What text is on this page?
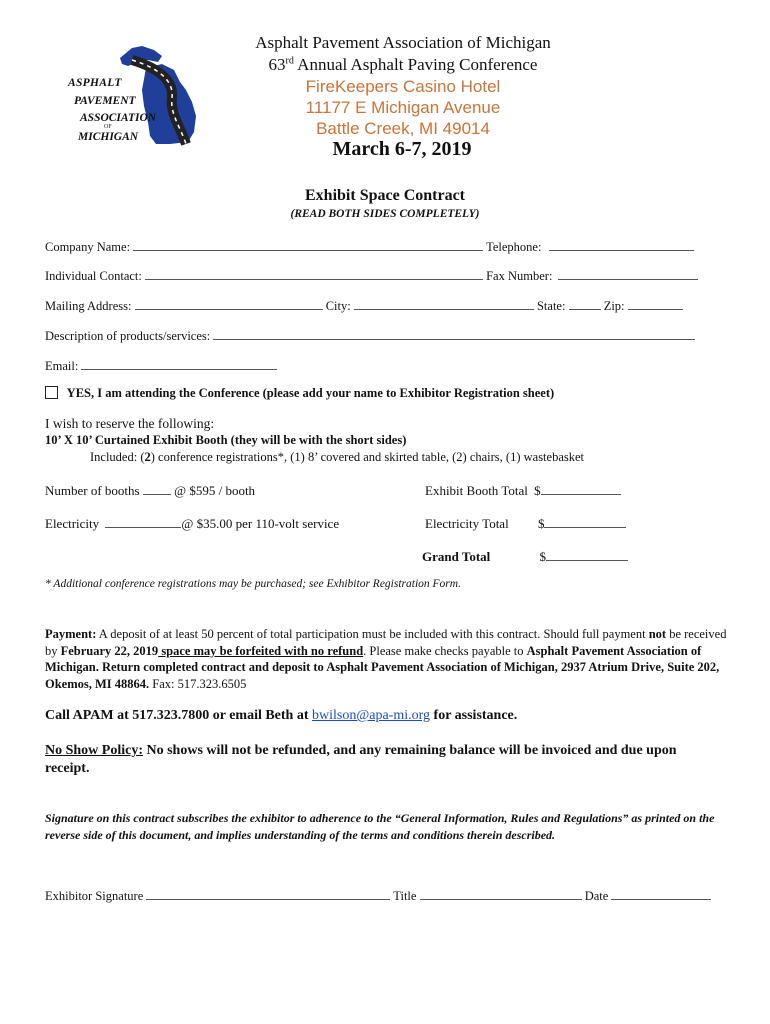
ASPHALT
PAVEMENT
ASSOCIATION
OF
MICHIGAN
Asphalt Pavement Association of Michigan
63rd Annual Asphalt Paving Conference
FireKeepers Casino Hotel
11177 E Michigan Avenue
Battle Creek, MI 49014
March 6-7, 2019
Exhibit Space Contract
(READ BOTH SIDES COMPLETELY)
Company Name:	Telephone:
Individual Contact:	Fax Number:
Mailing Address:	City:	State:	Zip:
Description of products/services:
Email:
YES, I am attending the Conference (please add your name to Exhibitor Registration sheet)
I wish to reserve the following:
10’ X 10’ Curtained Exhibit Booth (they will be with the short sides)
Included: (2) conference registrations*, (1) 8’ covered and skirted table, (2) chairs, (1) wastebasket
Number of booths	@ $595 / booth	Exhibit Booth Total $
Electricity	@ $35.00 per 110-volt service	Electricity Total $
Grand Total	$
* Additional conference registrations may be purchased; see Exhibitor Registration Form.
Payment: A deposit of at least 50 percent of total participation must be included with this contract. Should full payment not be received by February 22, 2019 space may be forfeited with no refund. Please make checks payable to Asphalt Pavement Association of Michigan. Return completed contract and deposit to Asphalt Pavement Association of Michigan, 2937 Atrium Drive, Suite 202, Okemos, MI 48864. Fax: 517.323.6505
Call APAM at 517.323.7800 or email Beth at bwilson@apa-mi.org for assistance.
No Show Policy: No shows will not be refunded, and any remaining balance will be invoiced and due upon receipt.
Signature on this contract subscribes the exhibitor to adherence to the “General Information, Rules and Regulations” as printed on the reverse side of this document, and implies understanding of the terms and conditions therein described.
Exhibitor Signature	Title	Date
